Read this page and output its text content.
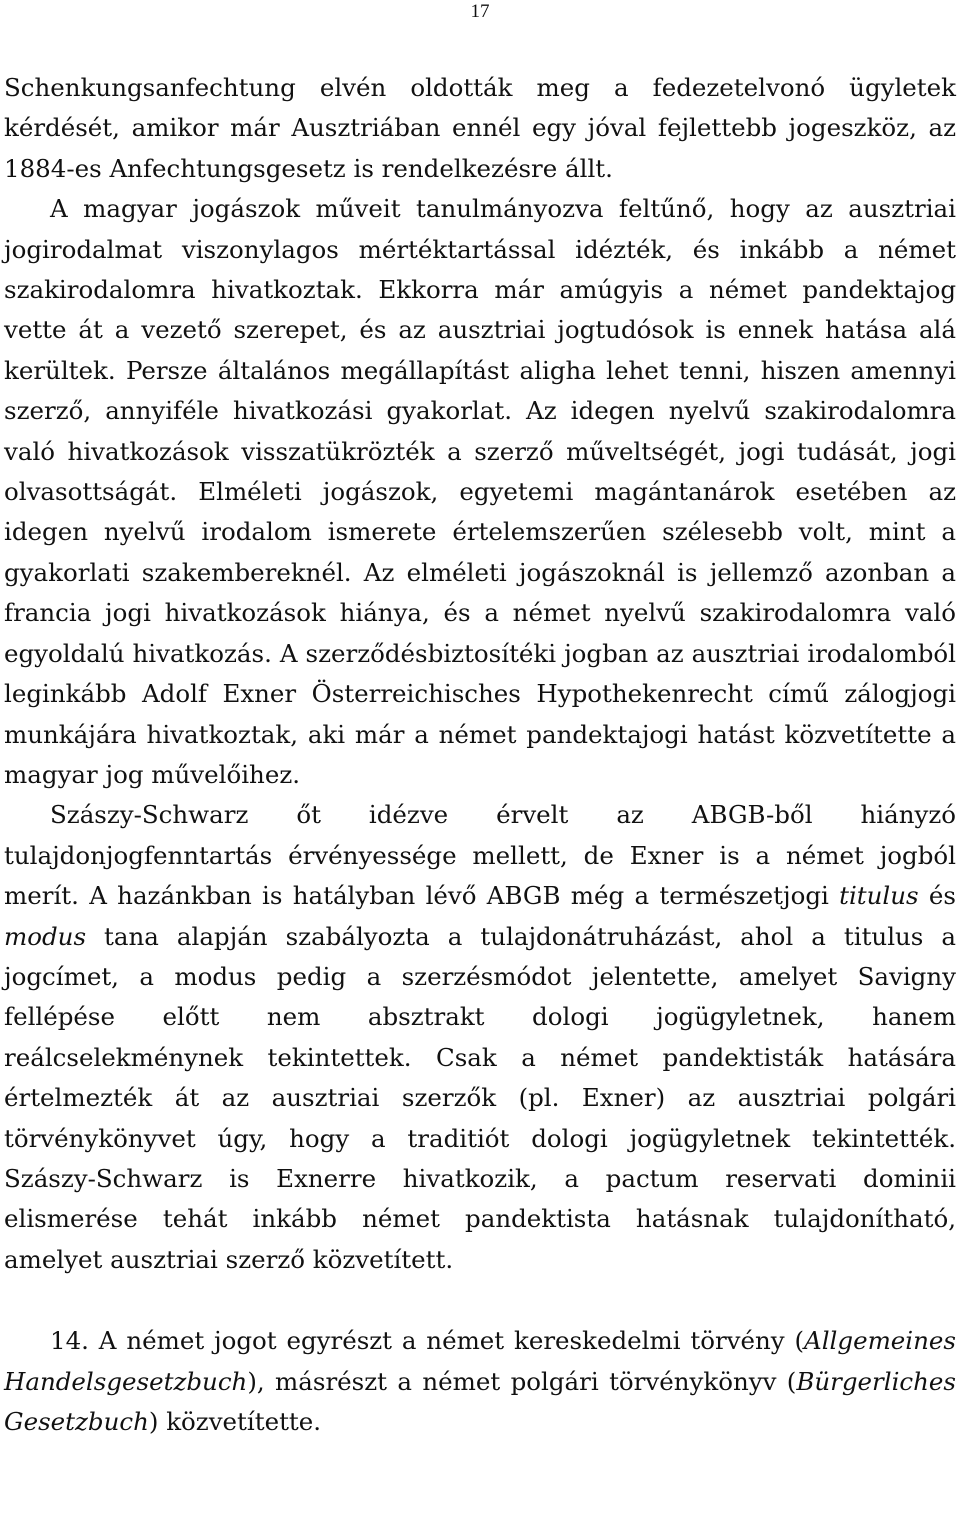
17

Schenkungsanfechtung elvén oldották meg a fedezetelvonó ügyletek kérdését, amikor már Ausztriában ennél egy jóval fejlettebb jogeszköz, az 1884-es Anfechtungsgesetz is rendelkezésre állt.

A magyar jogászok műveit tanulmányozva feltűnő, hogy az ausztriai jogirodalmat viszonylagos mértéktartással idézték, és inkább a német szakirodalomra hivatkoztak. Ekkorra már amúgyis a német pandektajog vette át a vezető szerepet, és az ausztriai jogtudósok is ennek hatása alá kerültek. Persze általános megállapítást aligha lehet tenni, hiszen amennyi szerző, annyiféle hivatkozási gyakorlat. Az idegen nyelvű szakirodalomra való hivatkozások visszatükrözték a szerző műveltségét, jogi tudását, jogi olvasottságát. Elméleti jogászok, egyetemi magántanárok esetében az idegen nyelvű irodalom ismerete értelemszerűen szélesebb volt, mint a gyakorlati szakembereknél. Az elméleti jogászoknál is jellemző azonban a francia jogi hivatkozások hiánya, és a német nyelvű szakirodalomra való egyoldalú hivatkozás. A szerződésbiztosítéki jogban az ausztriai irodalomból leginkább Adolf Exner Österreichisches Hypothekenrecht című zálogjogi munkájára hivatkoztak, aki már a német pandektajogi hatást közvetítette a magyar jog művelőihez.

Szászy-Schwarz őt idézve érvelt az ABGB-ből hiányzó tulajdonjogfenntartás érvényessége mellett, de Exner is a német jogból merít. A hazánkban is hatályban lévő ABGB még a természetjogi titulus és modus tana alapján szabályozta a tulajdonátruházást, ahol a titulus a jogcímet, a modus pedig a szerzésmódot jelentette, amelyet Savigny fellépése előtt nem absztrakt dologi jogügyletnek, hanem reálcselekménynek tekintettek. Csak a német pandektisták hatására értelmezték át az ausztriai szerzők (pl. Exner) az ausztriai polgári törvénykönyvet úgy, hogy a traditiót dologi jogügyletnek tekintették. Szászy-Schwarz is Exnerre hivatkozik, a pactum reservati dominii elismerése tehát inkább német pandektista hatásnak tulajdonítható, amelyet ausztriai szerző közvetített.

14. A német jogot egyrészt a német kereskedelmi törvény (Allgemeines Handelsgesetzbuch), másrészt a német polgári törvénykönyv (Bürgerliches Gesetzbuch) közvetítette.
